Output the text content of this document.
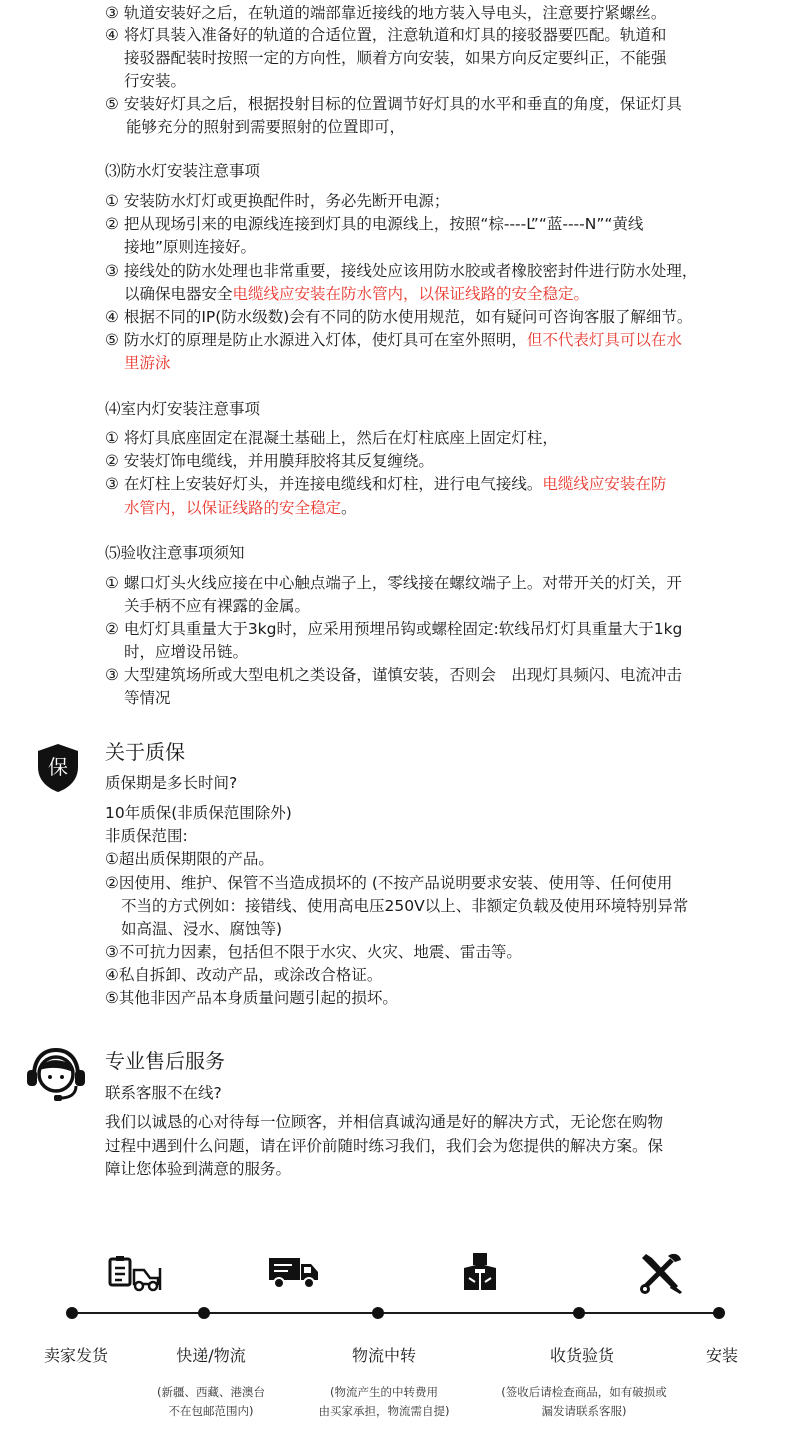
③ 轨道安装好之后，在轨道的端部靠近接线的地方装入导电头，注意要拧紧螺丝。
④ 将灯具装入准备好的轨道的合适位置，注意轨道和灯具的接驳器要匹配。轨道和
接驳器配装时按照一定的方向性，顺着方向安装，如果方向反定要纠正，不能强
行安装。
⑤ 安装好灯具之后，根据投射目标的位置调节好灯具的水平和垂直的角度，保证灯具
能够充分的照射到需要照射的位置即可，
⑶防水灯安装注意事项
① 安装防水灯灯或更换配件时，务必先断开电源；
② 把从现场引来的电源线连接到灯具的电源线上，按照“棕----L”“蓝----N”“黄线
接地”原则连接好。
③ 接线处的防水处理也非常重要，接线处应该用防水胶或者橡胶密封件进行防水处理，
以确保电器安全电缆线应安装在防水管内，以保证线路的安全稳定。
④ 根据不同的IP(防水级数)会有不同的防水使用规范，如有疑问可咨询客服了解细节。
⑤ 防水灯的原理是防止水源进入灯体，使灯具可在室外照明，但不代表灯具可以在水
里游泳
⑷室内灯安装注意事项
① 将灯具底座固定在混凝土基础上，然后在灯柱底座上固定灯柱，
② 安装灯饰电缆线，并用膜拜胶将其反复缠绕。
③ 在灯柱上安装好灯头，并连接电缆线和灯柱，进行电气接线。电缆线应安装在防
水管内，以保证线路的安全稳定。
⑸验收注意事项须知
① 螺口灯头火线应接在中心触点端子上，零线接在螺纹端子上。对带开关的灯关，开
关手柄不应有裸露的金属。
② 电灯灯具重量大于3kg时，应采用预埋吊钩或螺栓固定:软线吊灯灯具重量大于1kg
时，应增设吊链。
③ 大型建筑场所或大型电机之类设备，谨慎安装，否则会　出现灯具频闪、电流冲击
等情况
保
关于质保
质保期是多长时间?
10年质保(非质保范围除外)
非质保范围:
①超出质保期限的产品。
②因使用、维护、保管不当造成损坏的 (不按产品说明要求安装、使用等、任何使用
不当的方式例如：接错线、使用高电压250V以上、非额定负载及使用环境特别异常
如高温、浸水、腐蚀等)
③不可抗力因素，包括但不限于水灾、火灾、地震、雷击等。
④私自拆卸、改动产品，或涂改合格证。
⑤其他非因产品本身质量问题引起的损坏。
专业售后服务
联系客服不在线?
我们以诚恳的心对待每一位顾客，并相信真诚沟通是好的解决方式，无论您在购物
过程中遇到什么问题，请在评价前随时练习我们，我们会为您提供的解决方案。保
障让您体验到满意的服务。
卖家发货	快递/物流	物流中转	收货验货	安装
(新疆、西藏、港澳台
不在包邮范围内)
(物流产生的中转费用
由买家承担，物流需自提)
(签收后请检查商品，如有破损或
漏发请联系客服)
